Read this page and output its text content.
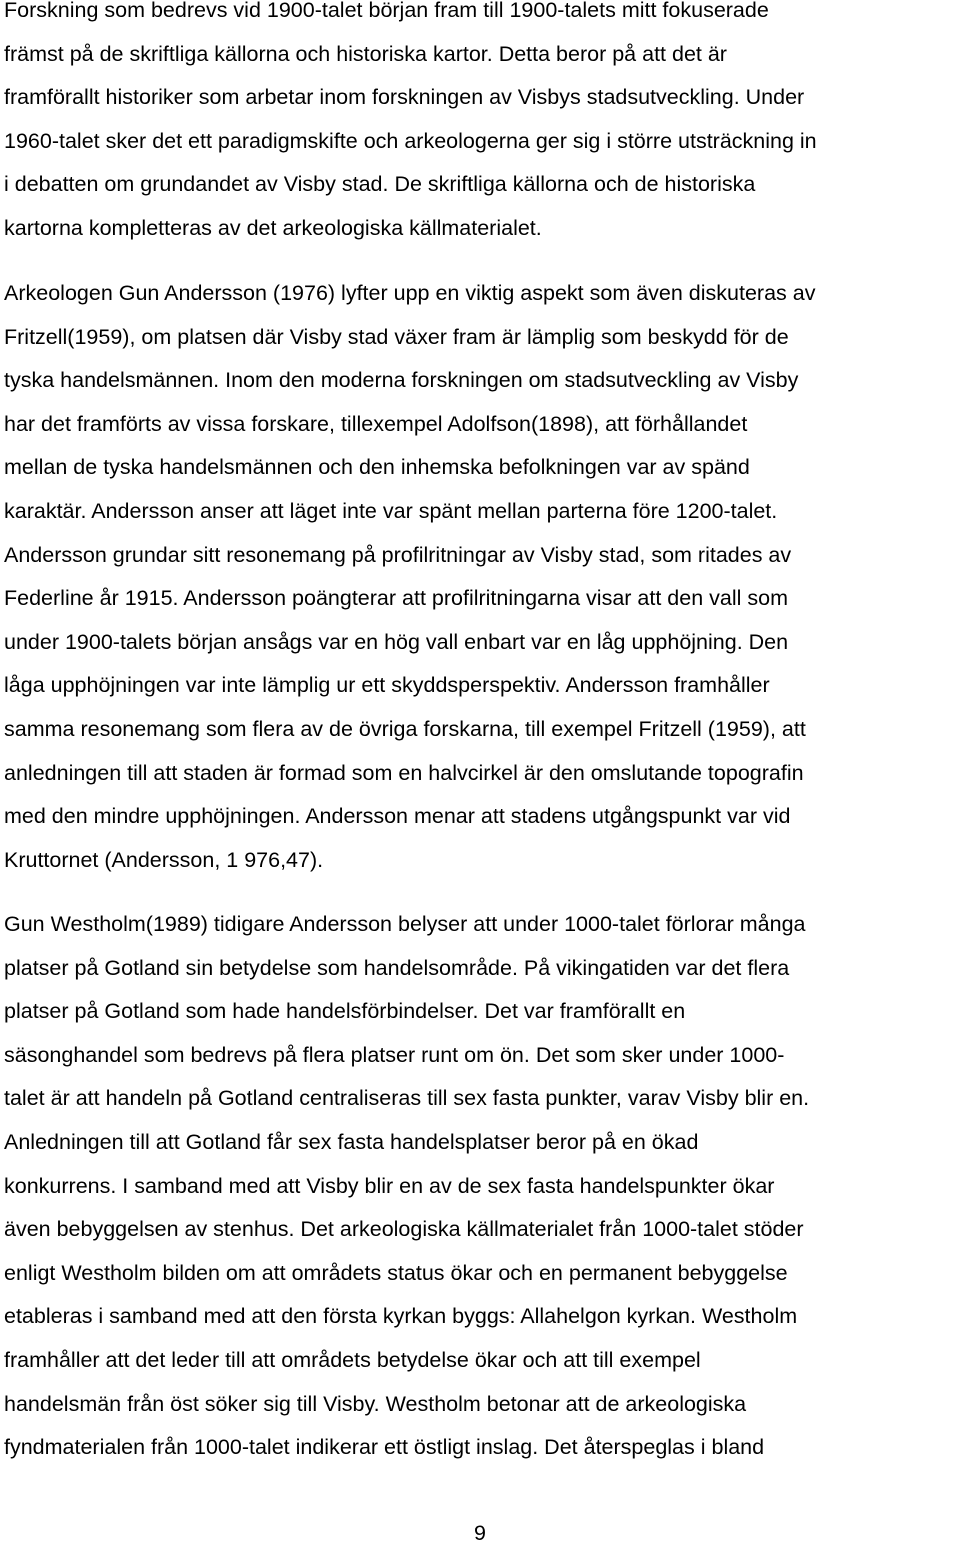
Forskning som bedrevs vid 1900-talet början fram till 1900-talets mitt fokuserade
främst på de skriftliga källorna och historiska kartor. Detta beror på att det är
framförallt historiker som arbetar inom forskningen av Visbys stadsutveckling. Under
1960-talet sker det ett paradigmskifte och arkeologerna ger sig i större utsträckning in
i debatten om grundandet av Visby stad. De skriftliga källorna och de historiska
kartorna kompletteras av det arkeologiska källmaterialet.
Arkeologen Gun Andersson (1976) lyfter upp en viktig aspekt som även diskuteras av
Fritzell(1959), om platsen där Visby stad växer fram är lämplig som beskydd för de
tyska handelsmännen. Inom den moderna forskningen om stadsutveckling av Visby
har det framförts av vissa forskare, tillexempel Adolfson(1898), att förhållandet
mellan de tyska handelsmännen och den inhemska befolkningen var av spänd
karaktär. Andersson anser att läget inte var spänt mellan parterna före 1200-talet.
Andersson grundar sitt resonemang på profilritningar av Visby stad, som ritades av
Federline år 1915. Andersson poängterar att profilritningarna visar att den vall som
under 1900-talets början ansågs var en hög vall enbart var en låg upphöjning. Den
låga upphöjningen var inte lämplig ur ett skyddsperspektiv. Andersson framhåller
samma resonemang som flera av de övriga forskarna, till exempel Fritzell (1959), att
anledningen till att staden är formad som en halvcirkel är den omslutande topografin
med den mindre upphöjningen. Andersson menar att stadens utgångspunkt var vid
Kruttornet (Andersson, 1 976,47).
Gun Westholm(1989) tidigare Andersson belyser att under 1000-talet förlorar många
platser på Gotland sin betydelse som handelsområde. På vikingatiden var det flera
platser på Gotland som hade handelsförbindelser. Det var framförallt en
säsonghandel som bedrevs på flera platser runt om ön. Det som sker under 1000-
talet är att handeln på Gotland centraliseras till sex fasta punkter, varav Visby blir en.
Anledningen till att Gotland får sex fasta handelsplatser beror på en ökad
konkurrens. I samband med att Visby blir en av de sex fasta handelspunkter ökar
även bebyggelsen av stenhus. Det arkeologiska källmaterialet från 1000-talet stöder
enligt Westholm bilden om att områdets status ökar och en permanent bebyggelse
etableras i samband med att den första kyrkan byggs: Allahelgon kyrkan. Westholm
framhåller att det leder till att områdets betydelse ökar och att till exempel
handelsmän från öst söker sig till Visby. Westholm betonar att de arkeologiska
fyndmaterialen från 1000-talet indikerar ett östligt inslag. Det återspeglas i bland
9
